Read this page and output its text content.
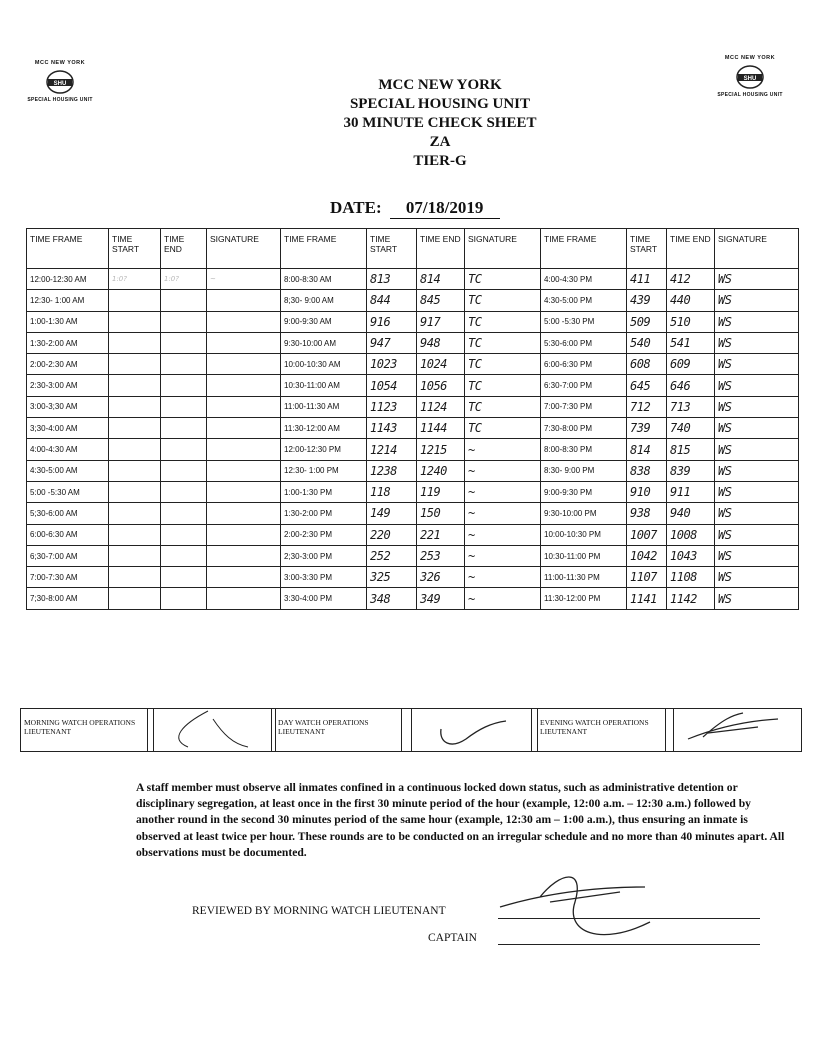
MCC NEW YORK
SHU
SPECIAL HOUSING UNIT
MCC NEW YORK
SHU
SPECIAL HOUSING UNIT
MCC NEW YORK
SPECIAL HOUSING UNIT
30 MINUTE CHECK SHEET
ZA
TIER-G
DATE: 07/18/2019
TIME FRAME	TIME START	TIME END	SIGNATURE	TIME FRAME	TIME START	TIME END	SIGNATURE	TIME FRAME	TIME START	TIME END	SIGNATURE
12:00-12:30 AM	1:0?	1:0?	~	8:00-8:30 AM	813	814	TC	4:00-4:30 PM	411	412	WS
12:30- 1:00 AM				8;30- 9:00 AM	844	845	TC	4:30-5:00 PM	439	440	WS
1:00-1:30 AM				9:00-9:30 AM	916	917	TC	5:00 -5:30 PM	509	510	WS
1:30-2:00 AM				9:30-10:00 AM	947	948	TC	5:30-6:00 PM	540	541	WS
2:00-2:30 AM				10:00-10:30 AM	1023	1024	TC	6:00-6:30 PM	608	609	WS
2:30-3:00 AM				10:30-11:00 AM	1054	1056	TC	6:30-7:00 PM	645	646	WS
3:00-3;30 AM				11:00-11:30 AM	1123	1124	TC	7:00-7:30 PM	712	713	WS
3;30-4:00 AM				11:30-12:00 AM	1143	1144	TC	7:30-8:00 PM	739	740	WS
4:00-4:30 AM				12:00-12:30 PM	1214	1215	~	8:00-8:30 PM	814	815	WS
4:30-5:00 AM				12:30- 1:00 PM	1238	1240	~	8:30- 9:00 PM	838	839	WS
5:00 -5:30 AM				1:00-1:30 PM	118	119	~	9:00-9:30 PM	910	911	WS
5;30-6:00 AM				1:30-2:00 PM	149	150	~	9:30-10:00 PM	938	940	WS
6:00-6:30 AM				2:00-2:30 PM	220	221	~	10:00-10:30 PM	1007	1008	WS
6;30-7:00 AM				2;30-3:00 PM	252	253	~	10:30-11:00 PM	1042	1043	WS
7:00-7:30 AM				3:00-3:30 PM	325	326	~	11:00-11:30 PM	1107	1108	WS
7;30-8:00 AM				3:30-4:00 PM	348	349	~	11:30-12:00 PM	1141	1142	WS
MORNING WATCH OPERATIONS LIEUTENANT
DAY WATCH OPERATIONS LIEUTENANT
EVENING WATCH OPERATIONS LIEUTENANT
A staff member must observe all inmates confined in a continuous locked down status, such as administrative detention or disciplinary segregation, at least once in the first 30 minute period of the hour (example, 12:00 a.m. – 12:30 a.m.) followed by another round in the second 30 minutes period of the same hour (example, 12:30 am – 1:00 a.m.), thus ensuring an inmate is observed at least twice per hour. These rounds are to be conducted on an irregular schedule and no more than 40 minutes apart. All observations must be documented.
REVIEWED BY MORNING WATCH LIEUTENANT
CAPTAIN
